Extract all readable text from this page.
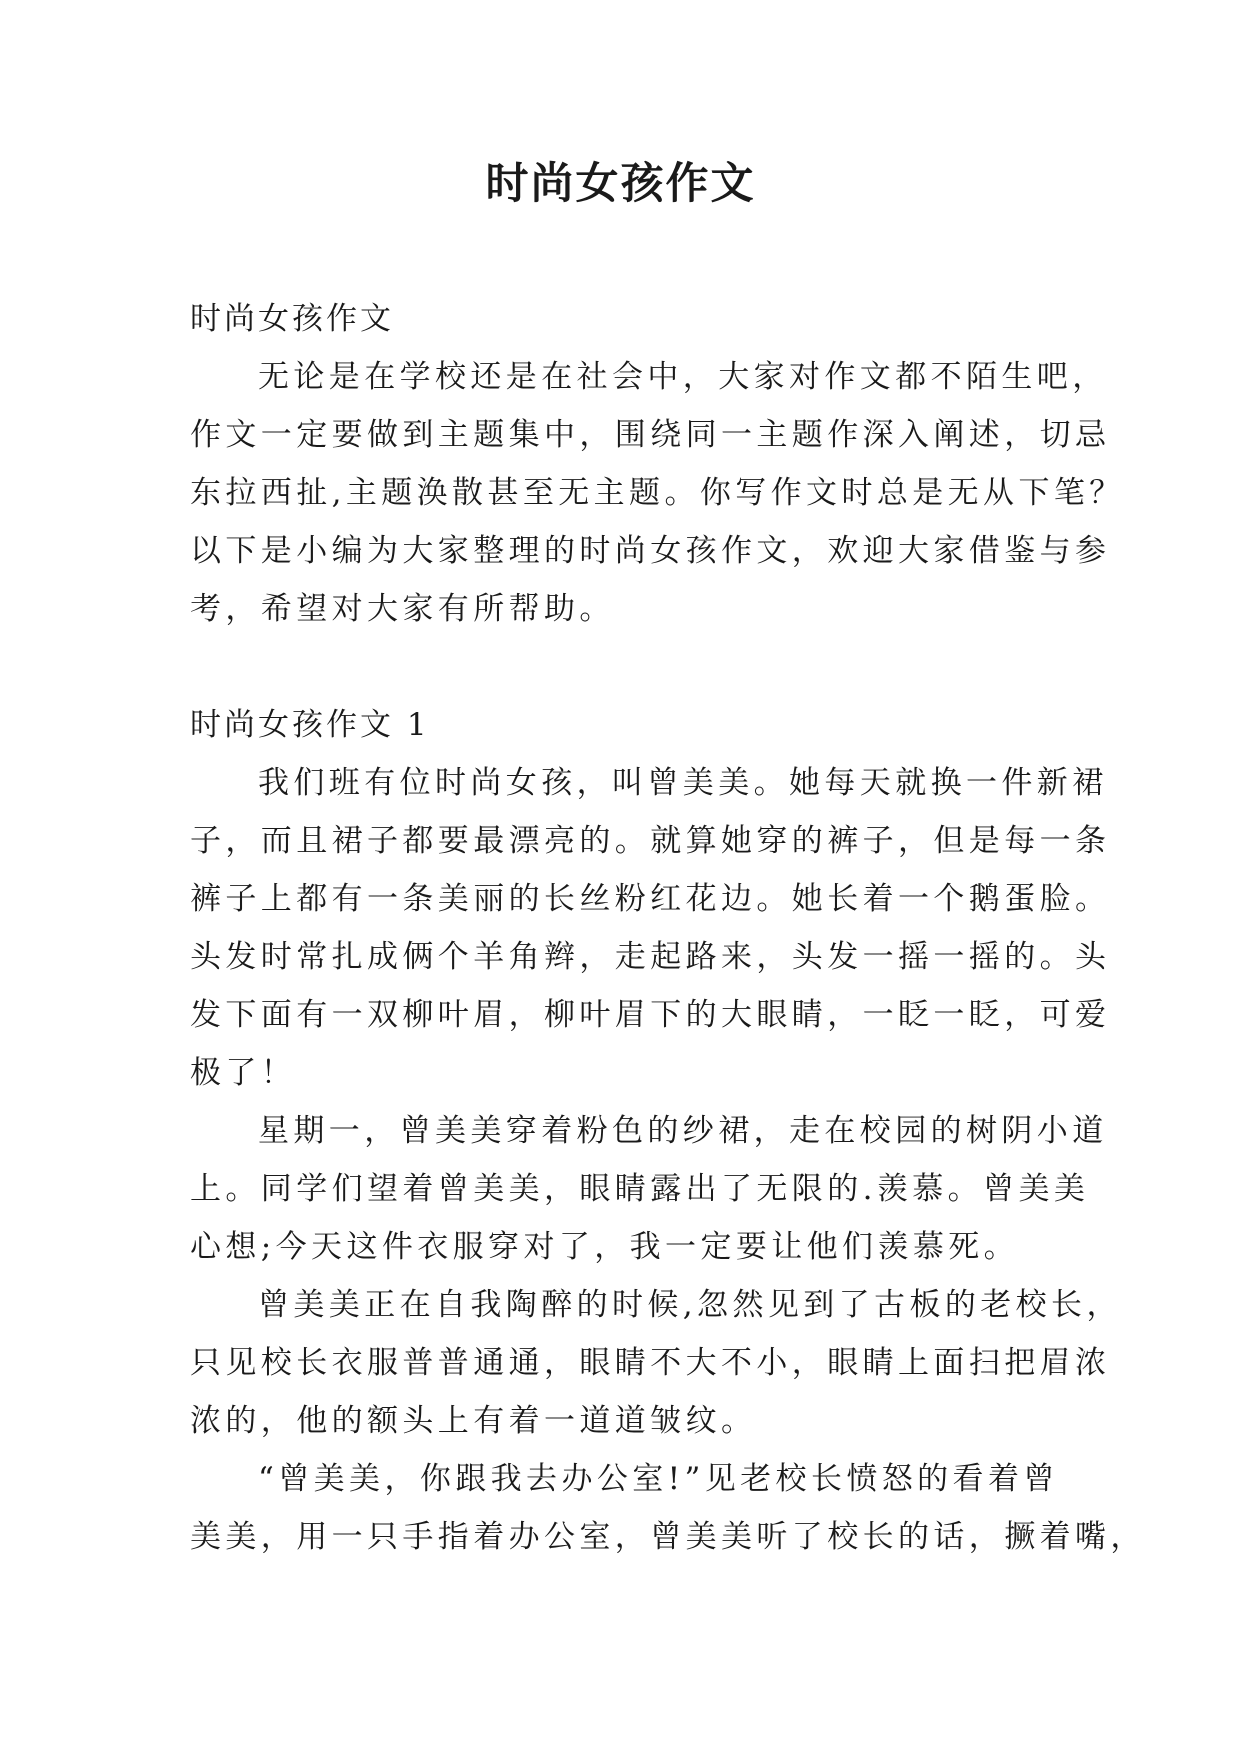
时尚女孩作文

时尚女孩作文

无论是在学校还是在社会中，大家对作文都不陌生吧，

作文一定要做到主题集中，围绕同一主题作深入阐述，切忌

东拉西扯,主题涣散甚至无主题。你写作文时总是无从下笔？

以下是小编为大家整理的时尚女孩作文，欢迎大家借鉴与参

考，希望对大家有所帮助。

时尚女孩作文 1

我们班有位时尚女孩，叫曾美美。她每天就换一件新裙

子，而且裙子都要最漂亮的。就算她穿的裤子，但是每一条

裤子上都有一条美丽的长丝粉红花边。她长着一个鹅蛋脸。

头发时常扎成俩个羊角辫，走起路来，头发一摇一摇的。头

发下面有一双柳叶眉，柳叶眉下的大眼睛，一眨一眨，可爱

极了！

星期一，曾美美穿着粉色的纱裙，走在校园的树阴小道

上。同学们望着曾美美，眼睛露出了无限的.羡慕。曾美美

心想;今天这件衣服穿对了，我一定要让他们羡慕死。

曾美美正在自我陶醉的时候,忽然见到了古板的老校长，

只见校长衣服普普通通，眼睛不大不小，眼睛上面扫把眉浓

浓的，他的额头上有着一道道皱纹。

“曾美美，你跟我去办公室!”见老校长愤怒的看着曾

美美，用一只手指着办公室，曾美美听了校长的话，撅着嘴，
